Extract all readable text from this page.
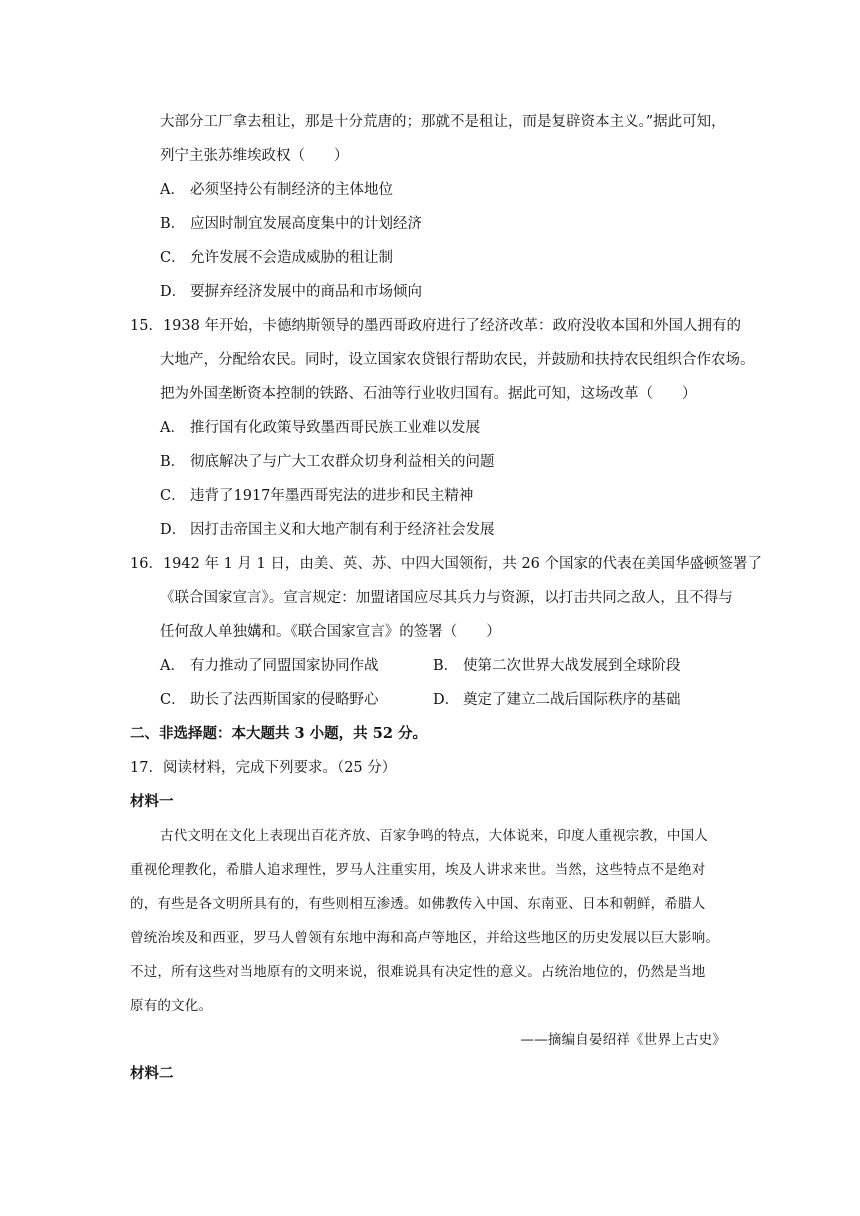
大部分工厂拿去租让，那是十分荒唐的；那就不是租让，而是复辟资本主义。”据此可知，
列宁主张苏维埃政权（　　）
A． 必须坚持公有制经济的主体地位
B． 应因时制宜发展高度集中的计划经济
C． 允许发展不会造成威胁的租让制
D． 要摒弃经济发展中的商品和市场倾向
15．1938 年开始，卡德纳斯领导的墨西哥政府进行了经济改革：政府没收本国和外国人拥有的
大地产，分配给农民。同时，设立国家农贷银行帮助农民，并鼓励和扶持农民组织合作农场。
把为外国垄断资本控制的铁路、石油等行业收归国有。据此可知，这场改革（　　）
A． 推行国有化政策导致墨西哥民族工业难以发展
B． 彻底解决了与广大工农群众切身利益相关的问题
C． 违背了1917年墨西哥宪法的进步和民主精神
D． 因打击帝国主义和大地产制有利于经济社会发展
16．1942 年 1 月 1 日，由美、英、苏、中四大国领衔，共 26 个国家的代表在美国华盛顿签署了
《联合国家宣言》。宣言规定：加盟诸国应尽其兵力与资源，以打击共同之敌人，且不得与
任何敌人单独媾和。《联合国家宣言》的签署（　　）
A． 有力推动了同盟国家协同作战	B． 使第二次世界大战发展到全球阶段
C． 助长了法西斯国家的侵略野心	D． 奠定了建立二战后国际秩序的基础
二、非选择题：本大题共 3 小题，共 52 分。
17．阅读材料，完成下列要求。（25 分）
材料一
古代文明在文化上表现出百花齐放、百家争鸣的特点，大体说来，印度人重视宗教，中国人
重视伦理教化，希腊人追求理性，罗马人注重实用，埃及人讲求来世。当然，这些特点不是绝对
的，有些是各文明所具有的，有些则相互渗透。如佛教传入中国、东南亚、日本和朝鲜，希腊人
曾统治埃及和西亚，罗马人曾领有东地中海和高卢等地区，并给这些地区的历史发展以巨大影响。
不过，所有这些对当地原有的文明来说，很难说具有决定性的意义。占统治地位的，仍然是当地
原有的文化。
——摘编自晏绍祥《世界上古史》
材料二
